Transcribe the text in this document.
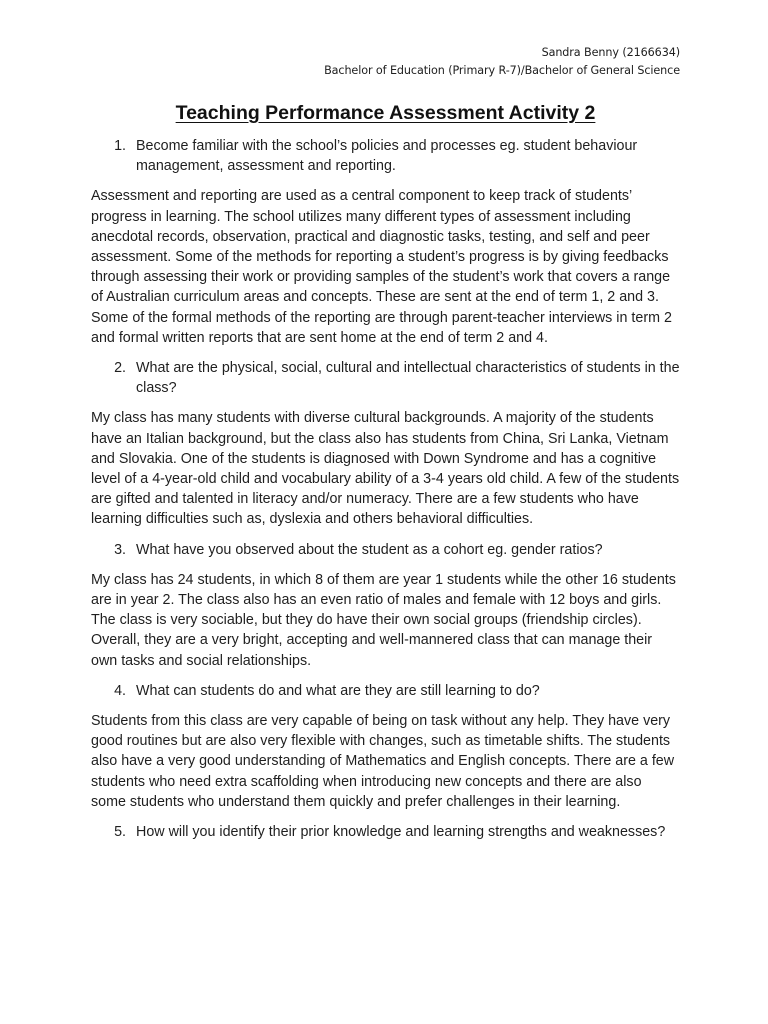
Sandra Benny (2166634)
Bachelor of Education (Primary R-7)/Bachelor of General Science
Teaching Performance Assessment Activity 2
1. Become familiar with the school’s policies and processes eg. student behaviour management, assessment and reporting.
Assessment and reporting are used as a central component to keep track of students’ progress in learning. The school utilizes many different types of assessment including anecdotal records, observation, practical and diagnostic tasks, testing, and self and peer assessment. Some of the methods for reporting a student’s progress is by giving feedbacks through assessing their work or providing samples of the student’s work that covers a range of Australian curriculum areas and concepts. These are sent at the end of term 1, 2 and 3. Some of the formal methods of the reporting are through parent-teacher interviews in term 2 and formal written reports that are sent home at the end of term 2 and 4.
2. What are the physical, social, cultural and intellectual characteristics of students in the class?
My class has many students with diverse cultural backgrounds. A majority of the students have an Italian background, but the class also has students from China, Sri Lanka, Vietnam and Slovakia. One of the students is diagnosed with Down Syndrome and has a cognitive level of a 4-year-old child and vocabulary ability of a 3-4 years old child. A few of the students are gifted and talented in literacy and/or numeracy. There are a few students who have learning difficulties such as, dyslexia and others behavioral difficulties.
3. What have you observed about the student as a cohort eg. gender ratios?
My class has 24 students, in which 8 of them are year 1 students while the other 16 students are in year 2. The class also has an even ratio of males and female with 12 boys and girls. The class is very sociable, but they do have their own social groups (friendship circles). Overall, they are a very bright, accepting and well-mannered class that can manage their own tasks and social relationships.
4. What can students do and what are they are still learning to do?
Students from this class are very capable of being on task without any help. They have very good routines but are also very flexible with changes, such as timetable shifts. The students also have a very good understanding of Mathematics and English concepts. There are a few students who need extra scaffolding when introducing new concepts and there are also some students who understand them quickly and prefer challenges in their learning.
5. How will you identify their prior knowledge and learning strengths and weaknesses?
